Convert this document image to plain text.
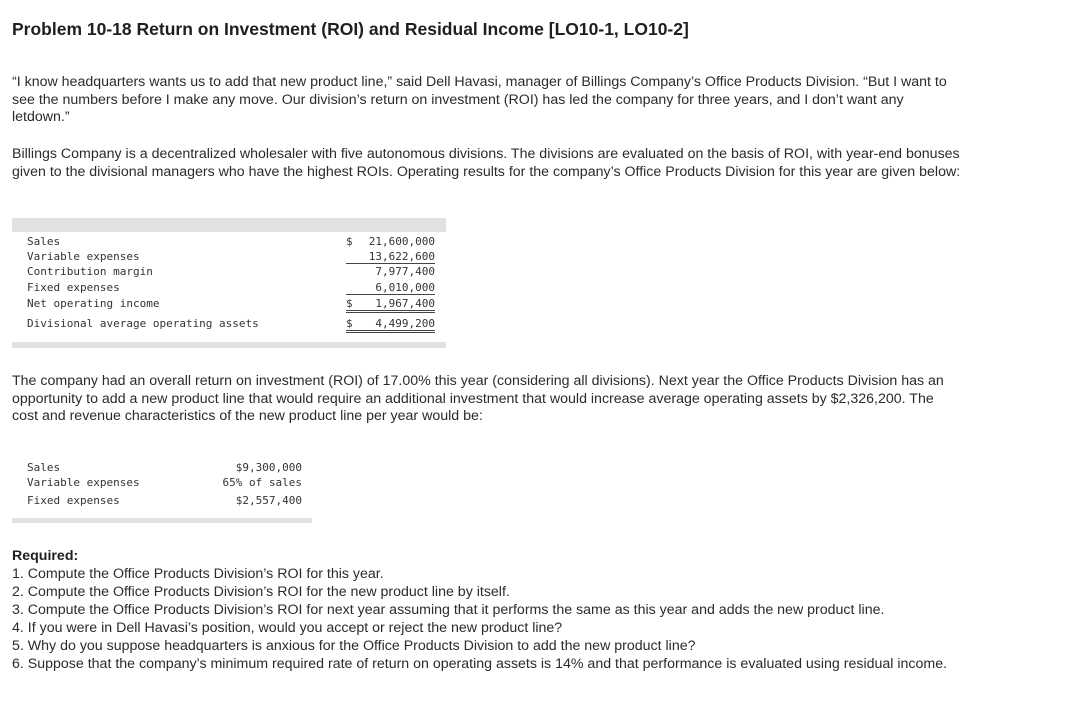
Problem 10-18 Return on Investment (ROI) and Residual Income [LO10-1, LO10-2]
“I know headquarters wants us to add that new product line,” said Dell Havasi, manager of Billings Company’s Office Products Division. “But I want to see the numbers before I make any move. Our division’s return on investment (ROI) has led the company for three years, and I don’t want any letdown.”
Billings Company is a decentralized wholesaler with five autonomous divisions. The divisions are evaluated on the basis of ROI, with year-end bonuses given to the divisional managers who have the highest ROIs. Operating results for the company’s Office Products Division for this year are given below:
Sales	$ 21,600,000
Variable expenses	13,622,600
Contribution margin	7,977,400
Fixed expenses	6,010,000
Net operating income	$	1,967,400
Divisional average operating assets	$	4,499,200
The company had an overall return on investment (ROI) of 17.00% this year (considering all divisions). Next year the Office Products Division has an opportunity to add a new product line that would require an additional investment that would increase average operating assets by $2,326,200. The cost and revenue characteristics of the new product line per year would be:
Sales	$9,300,000
Variable expenses	65% of sales
Fixed expenses	$2,557,400
Required:

1. Compute the Office Products Division’s ROI for this year.

2. Compute the Office Products Division’s ROI for the new product line by itself.

3. Compute the Office Products Division’s ROI for next year assuming that it performs the same as this year and adds the new product line.

4. If you were in Dell Havasi’s position, would you accept or reject the new product line?

5. Why do you suppose headquarters is anxious for the Office Products Division to add the new product line?

6. Suppose that the company’s minimum required rate of return on operating assets is 14% and that performance is evaluated using residual income.
